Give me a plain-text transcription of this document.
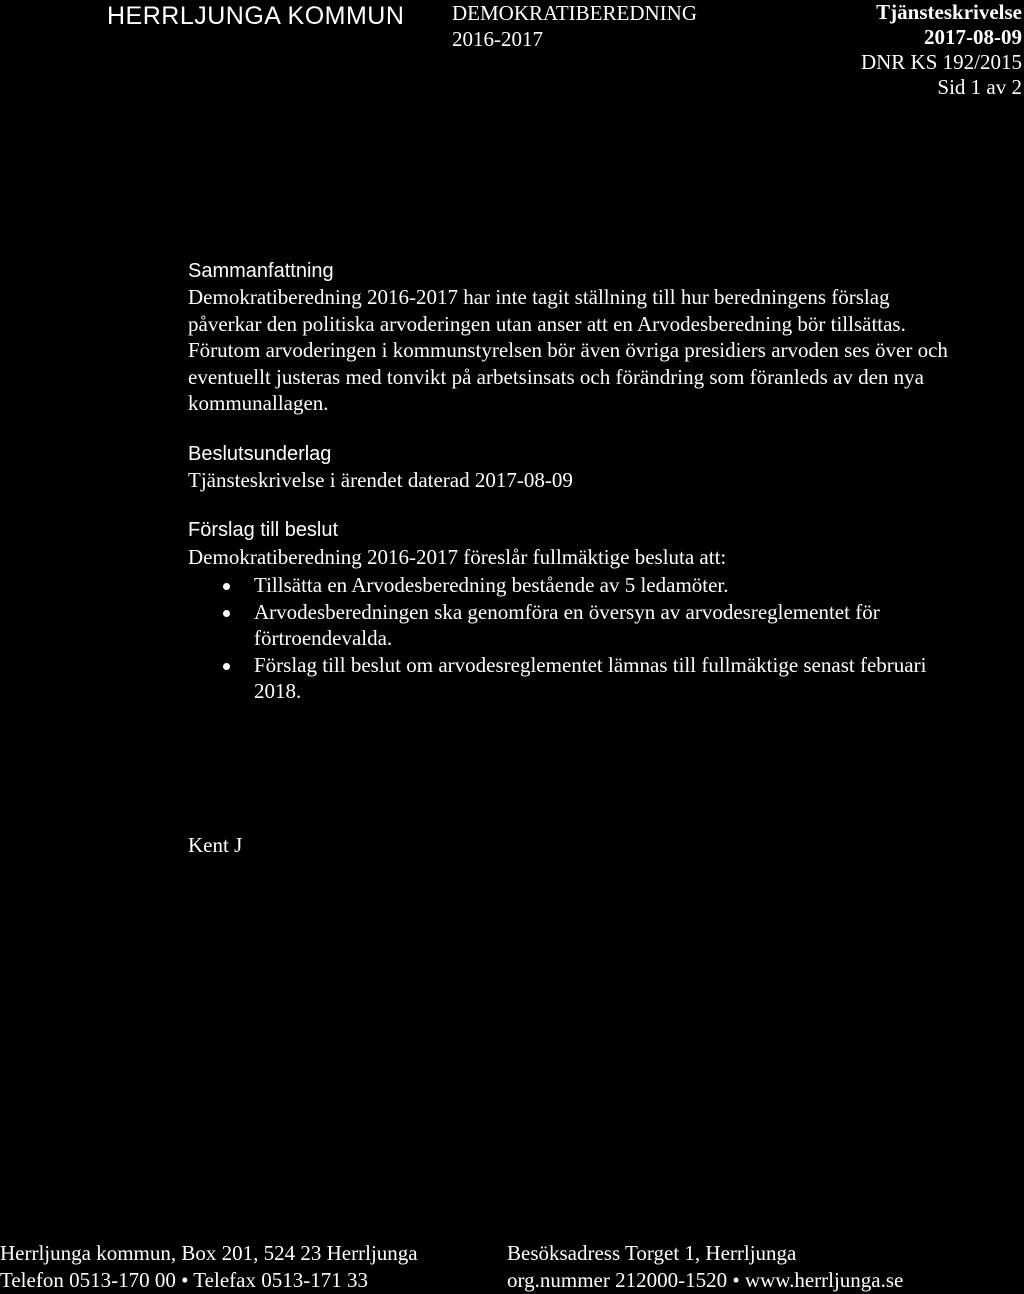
HERRLJUNGA KOMMUN DEMOKRATIBEREDNING
2016-2017
Tjänsteskrivelse
2017-08-09
DNR KS 192/2015
Sid 1 av 2
Sammanfattning
Demokratiberedning 2016-2017 har inte tagit ställning till hur beredningens förslag
påverkar den politiska arvoderingen utan anser att en Arvodesberedning bör tillsättas.
Förutom arvoderingen i kommunstyrelsen bör även övriga presidiers arvoden ses över och
eventuellt justeras med tonvikt på arbetsinsats och förändring som föranleds av den nya
kommunallagen.
Beslutsunderlag
Tjänsteskrivelse i ärendet daterad 2017-08-09
Förslag till beslut
Demokratiberedning 2016-2017 föreslår fullmäktige besluta att:
Tillsätta en Arvodesberedning bestående av 5 ledamöter.
Arvodesberedningen ska genomföra en översyn av arvodesreglementet för
förtroendevalda.
Förslag till beslut om arvodesreglementet lämnas till fullmäktige senast februari
2018.
Kent J
Herrljunga kommun, Box 201, 524 23 Herrljunga
Telefon 0513-170 00 • Telefax 0513-171 33
Besöksadress Torget 1, Herrljunga
org.nummer 212000-1520 • www.herrljunga.se
